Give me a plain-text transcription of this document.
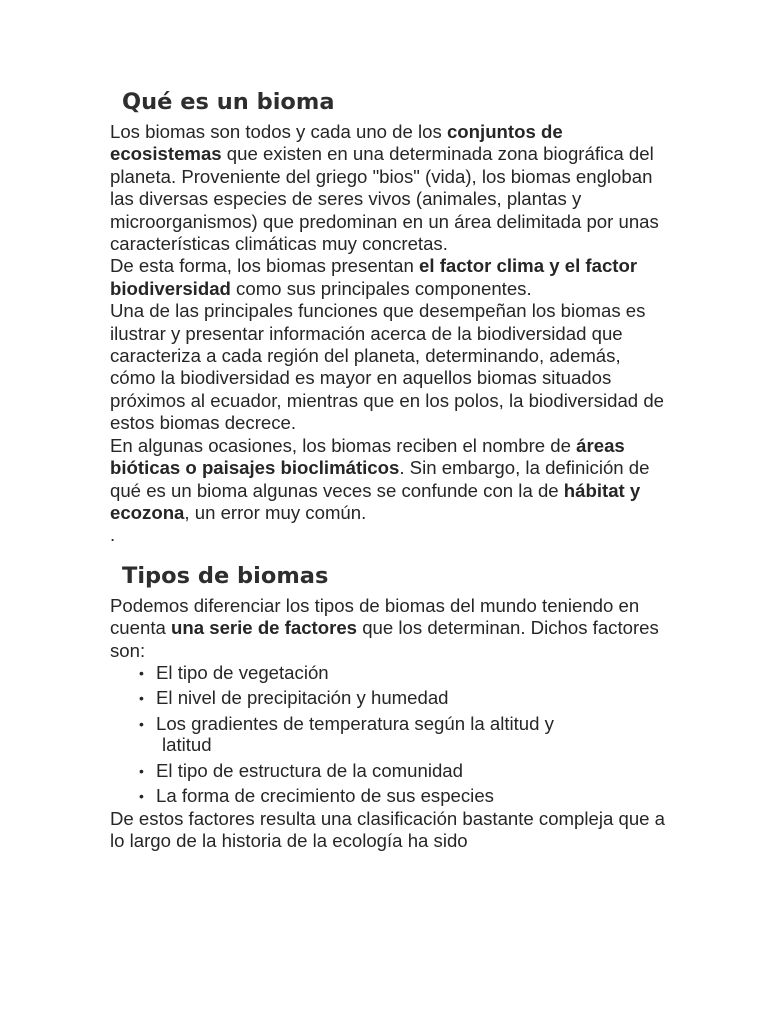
Qué es un bioma

Los biomas son todos y cada uno de los conjuntos de ecosistemas que existen en una determinada zona biográfica del planeta. Proveniente del griego "bios" (vida), los biomas engloban las diversas especies de seres vivos (animales, plantas y microorganismos) que predominan en un área delimitada por unas características climáticas muy concretas.

De esta forma, los biomas presentan el factor clima y el factor biodiversidad como sus principales componentes.

Una de las principales funciones que desempeñan los biomas es ilustrar y presentar información acerca de la biodiversidad que caracteriza a cada región del planeta, determinando, además, cómo la biodiversidad es mayor en aquellos biomas situados próximos al ecuador, mientras que en los polos, la biodiversidad de estos biomas decrece.

En algunas ocasiones, los biomas reciben el nombre de áreas bióticas o paisajes bioclimáticos. Sin embargo, la definición de qué es un bioma algunas veces se confunde con la de hábitat y ecozona, un error muy común.

.

Tipos de biomas

Podemos diferenciar los tipos de biomas del mundo teniendo en cuenta una serie de factores que los determinan. Dichos factores son:

• El tipo de vegetación
• El nivel de precipitación y humedad
• Los gradientes de temperatura según la altitud y
latitud
• El tipo de estructura de la comunidad
• La forma de crecimiento de sus especies

De estos factores resulta una clasificación bastante compleja que a lo largo de la historia de la ecología ha sido
